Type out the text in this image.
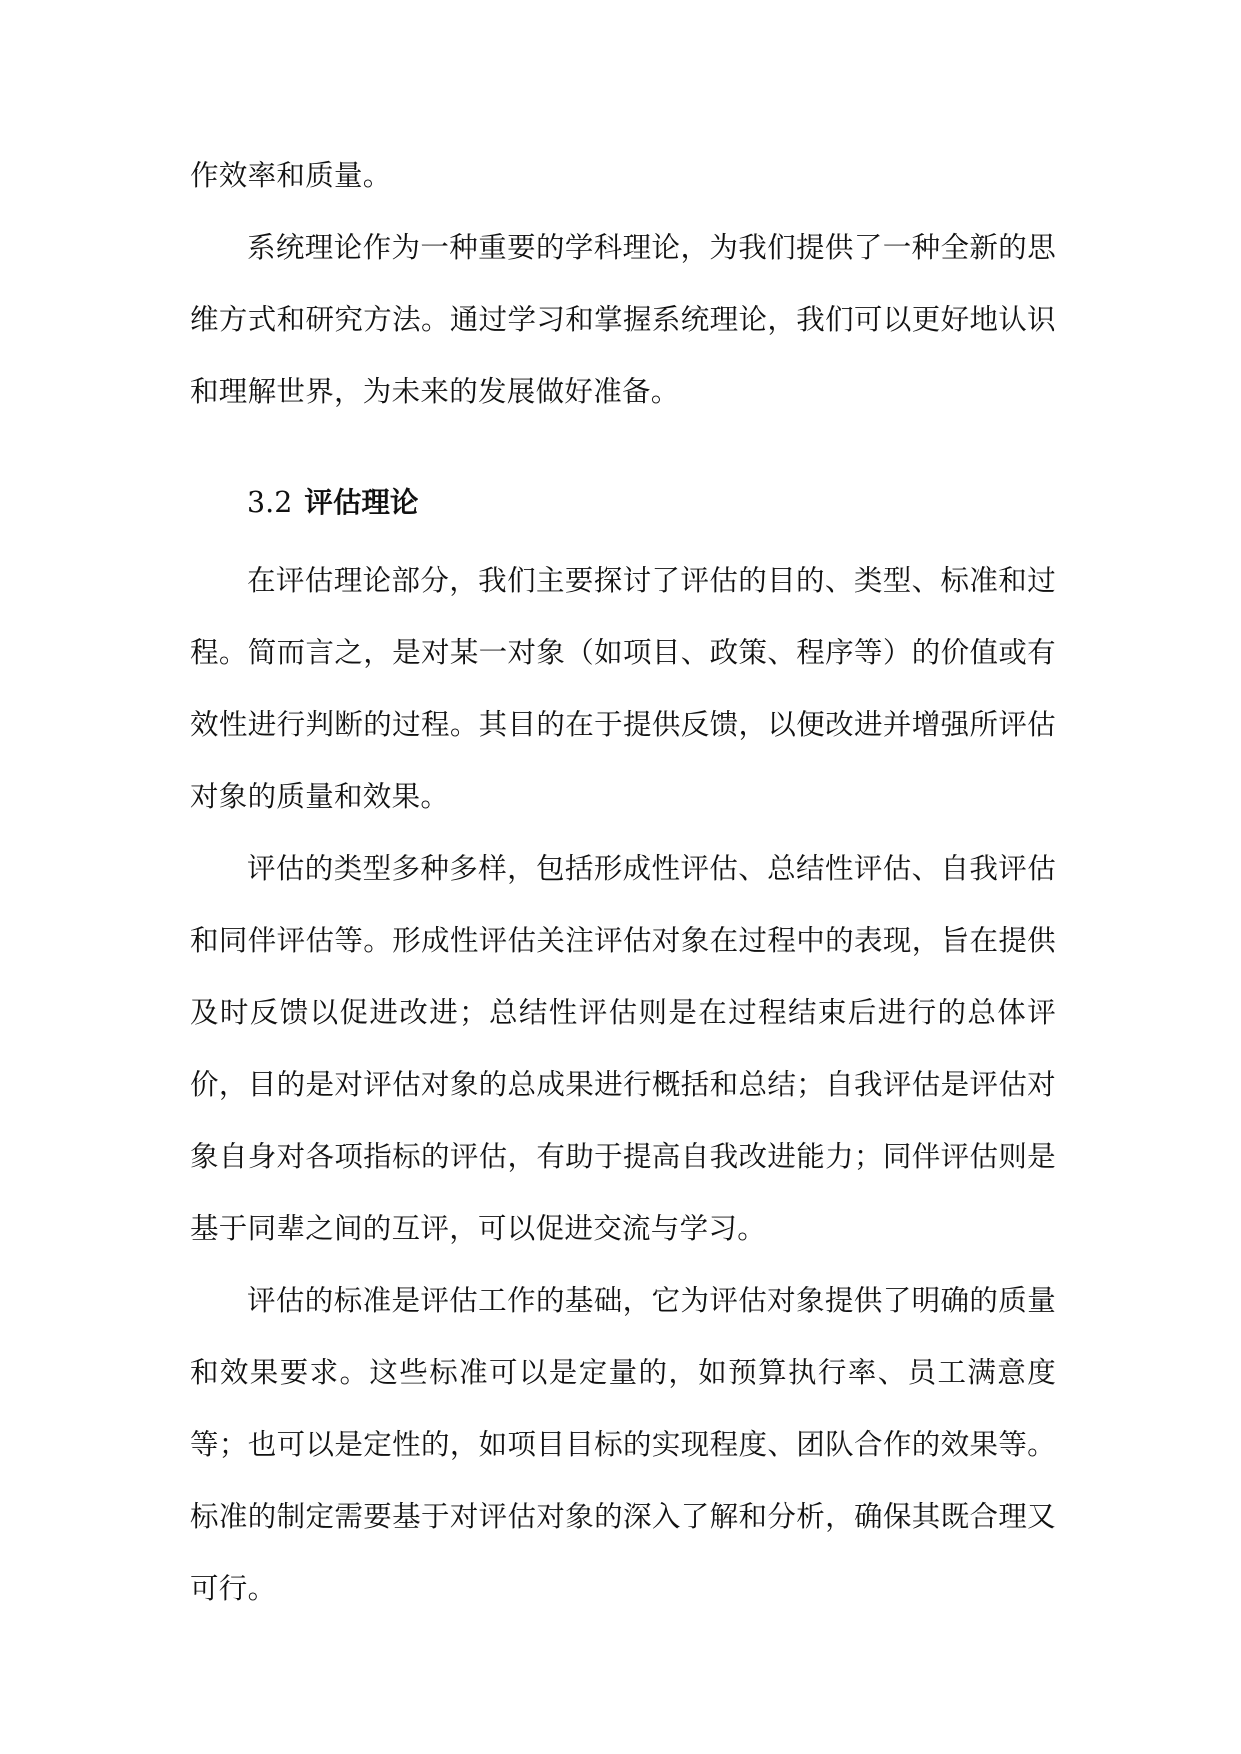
作效率和质量。

系统理论作为一种重要的学科理论，为我们提供了一种全新的思维方式和研究方法。通过学习和掌握系统理论，我们可以更好地认识和理解世界，为未来的发展做好准备。

3.2 评估理论

在评估理论部分，我们主要探讨了评估的目的、类型、标准和过程。简而言之，是对某一对象（如项目、政策、程序等）的价值或有效性进行判断的过程。其目的在于提供反馈，以便改进并增强所评估对象的质量和效果。

评估的类型多种多样，包括形成性评估、总结性评估、自我评估和同伴评估等。形成性评估关注评估对象在过程中的表现，旨在提供及时反馈以促进改进；总结性评估则是在过程结束后进行的总体评价，目的是对评估对象的总成果进行概括和总结；自我评估是评估对象自身对各项指标的评估，有助于提高自我改进能力；同伴评估则是基于同辈之间的互评，可以促进交流与学习。

评估的标准是评估工作的基础，它为评估对象提供了明确的质量和效果要求。这些标准可以是定量的，如预算执行率、员工满意度等；也可以是定性的，如项目目标的实现程度、团队合作的效果等。标准的制定需要基于对评估对象的深入了解和分析，确保其既合理又可行。
